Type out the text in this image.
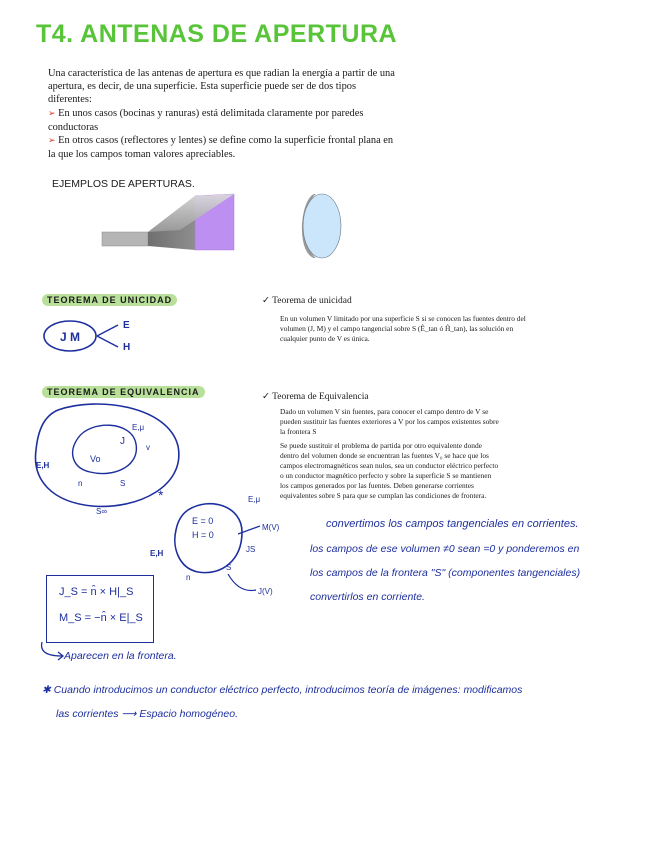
T4. ANTENAS DE APERTURA

Una característica de las antenas de apertura es que radian la energía a partir de una apertura, es decir, de una superficie. Esta superficie puede ser de dos tipos diferentes:

➢ En unos casos (bocinas y ranuras) está delimitada claramente por paredes conductoras

➢ En otros casos (reflectores y lentes) se define como la superficie frontal plana en la que los campos toman valores apreciables.

EJEMPLOS DE APERTURAS.
TEOREMA DE UNICIDAD
J M
E
H
✓ Teorema de unicidad
En un volumen V limitado por una superficie S si se conocen las fuentes dentro del volumen (J, M) y el campo tangencial sobre S (Ê_tan ó Ĥ_tan), las solución en cualquier punto de V es única.
TEOREMA DE EQUIVALENCIA	✓ Teorema de Equivalencia

Dado un volumen V sin fuentes, para conocer el campo dentro de V se pueden sustituir las fuentes exteriores a V por los campos existentes sobre la frontera S

Se puede sustituir el problema de partida por otro equivalente donde dentro del volumen donde se encuentran las fuentes V₀ se hace que los campos electromagnéticos sean nulos, sea un conductor eléctrico perfecto o un conductor magnético perfecto y sobre la superficie S se mantienen los campos generados por las fuentes. Deben generarse corrientes equivalentes sobre S para que se cumplan las condiciones de frontera.

J
Vo
E,μ
v
E,H
n	S
S∞
*
E = 0
H = 0
E,μ
M(V)
E,H	JS
n
S
J(V)
convertimos los campos tangenciales en corrientes.
los campos de ese volumen ≠0 sean =0 y ponderemos en
los campos de la frontera "S" (componentes tangenciales)
convertirlos en corriente.
J_S = n̂ × H|_S
M_S = −n̂ × E|_S
Aparecen en la frontera.
✱ Cuando introducimos un conductor eléctrico perfecto, introducimos teoría de imágenes: modificamos
las corrientes ⟶ Espacio homogéneo.
